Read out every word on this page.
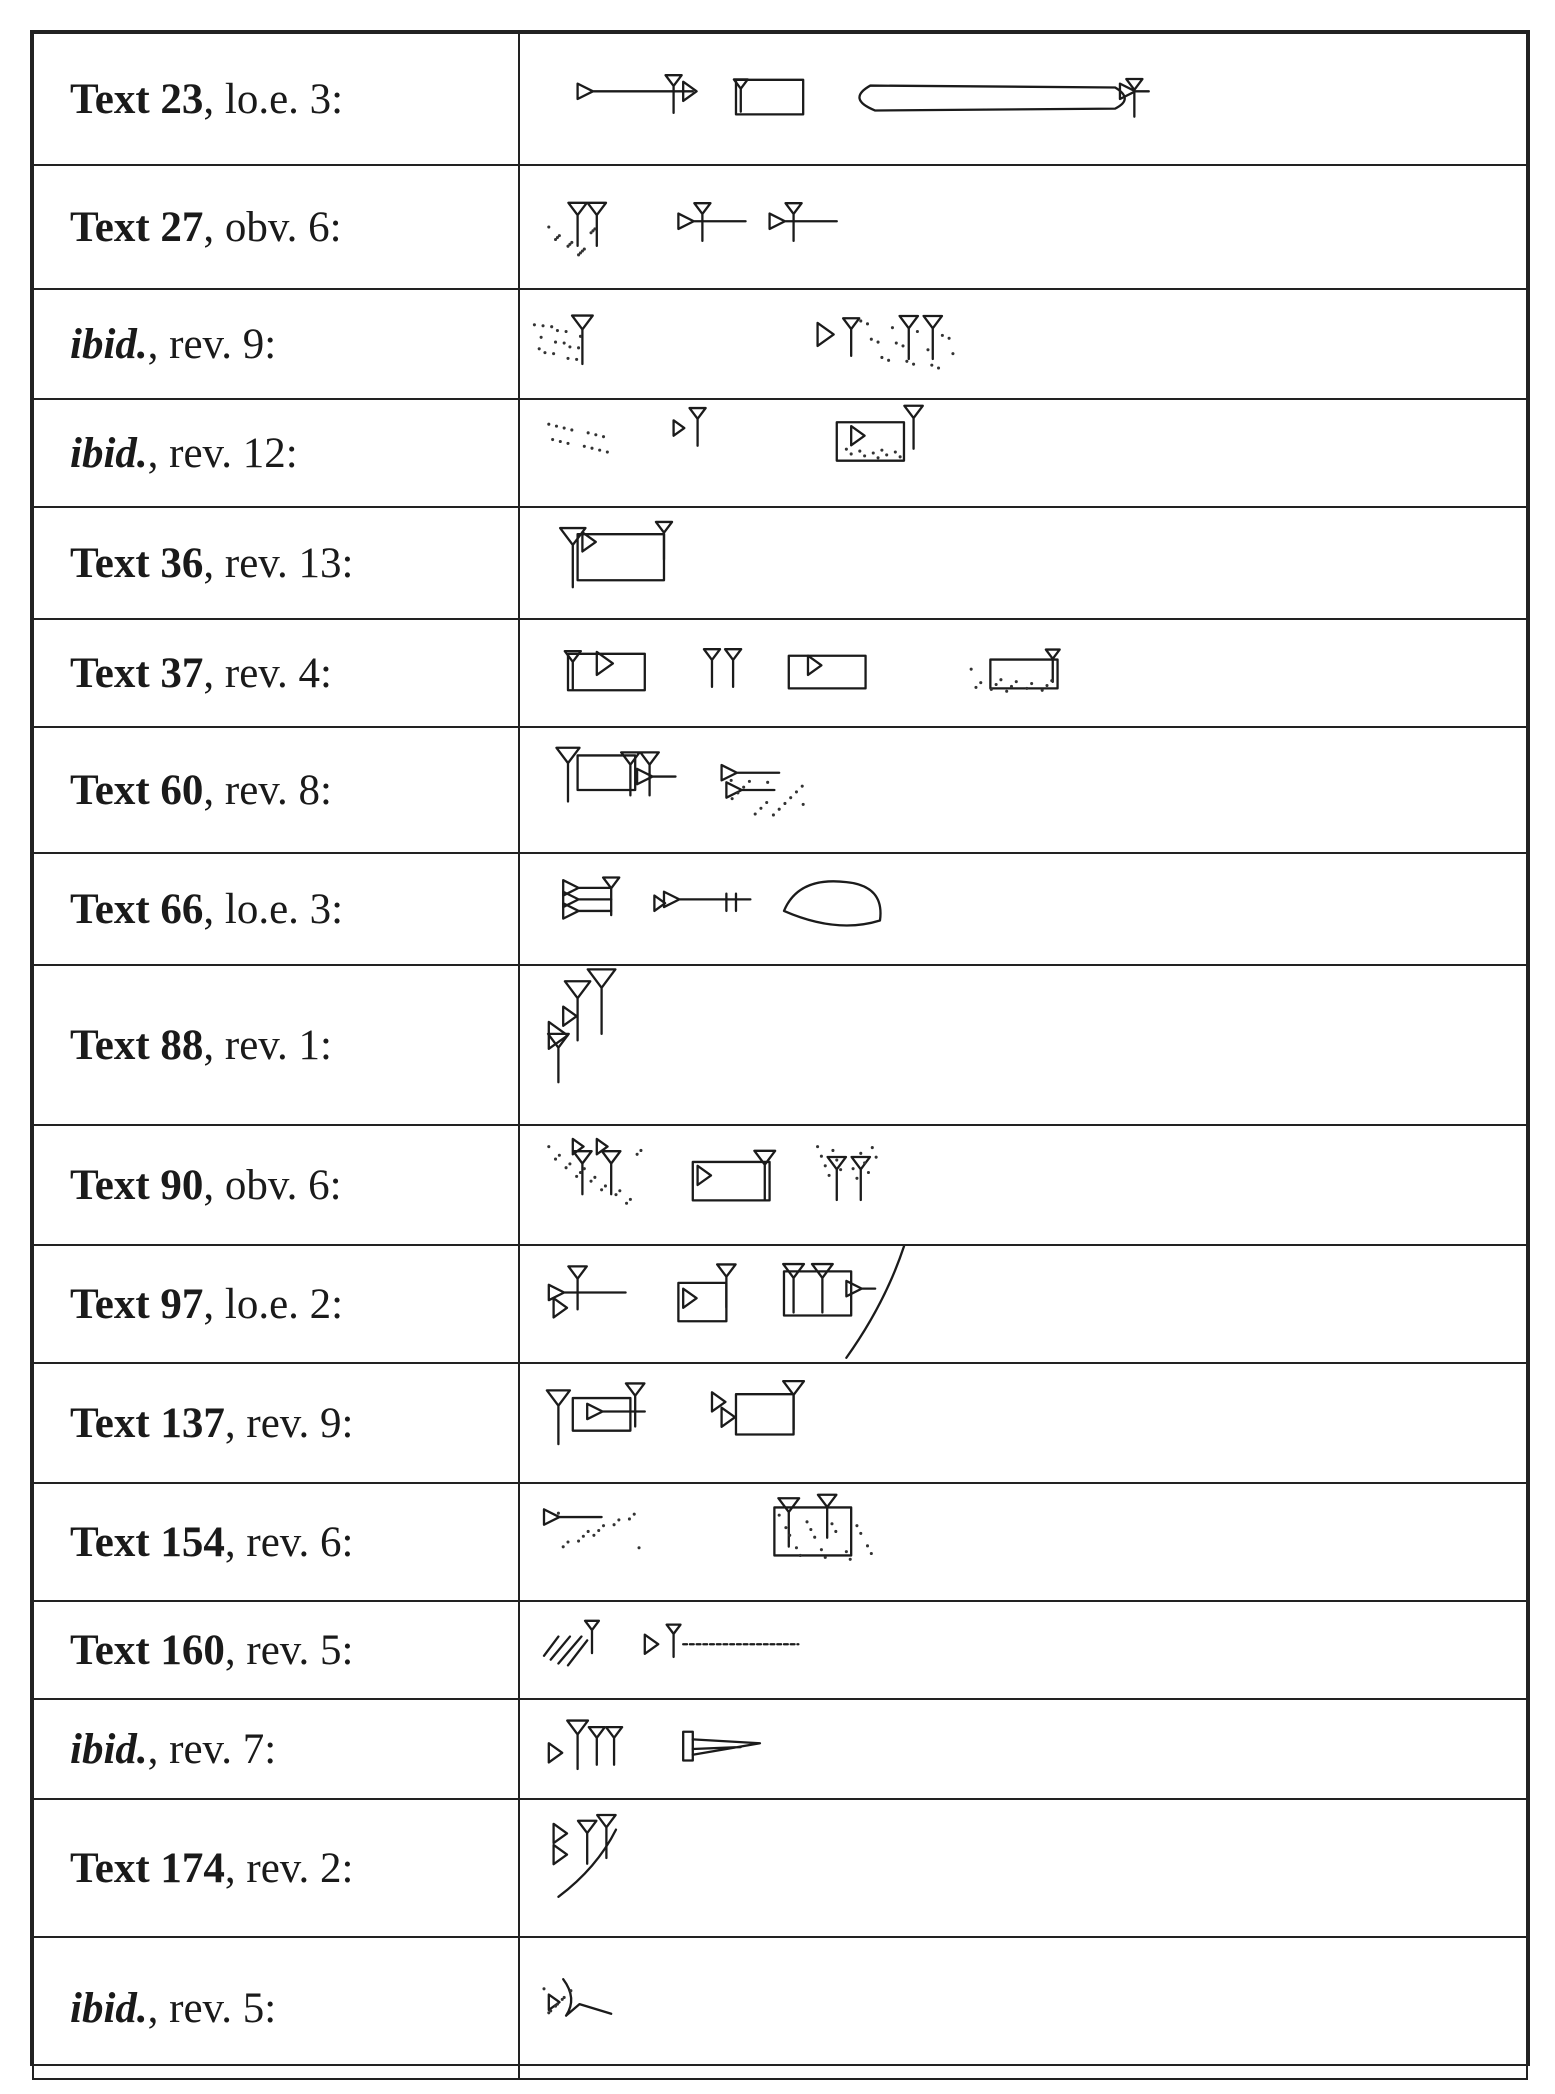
Text 23, lo.e. 3:	

Text 27, obv. 6:	

ibid., rev. 9:	

ibid., rev. 12:	

Text 36, rev. 13:	

Text 37, rev. 4:	

Text 60, rev. 8:	

Text 66, lo.e. 3:	

Text 88, rev. 1:	

Text 90, obv. 6:	

Text 97, lo.e. 2:	

Text 137, rev. 9:	

Text 154, rev. 6:	

Text 160, rev. 5:	

ibid., rev. 7:	

Text 174, rev. 2:	

ibid., rev. 5:	
